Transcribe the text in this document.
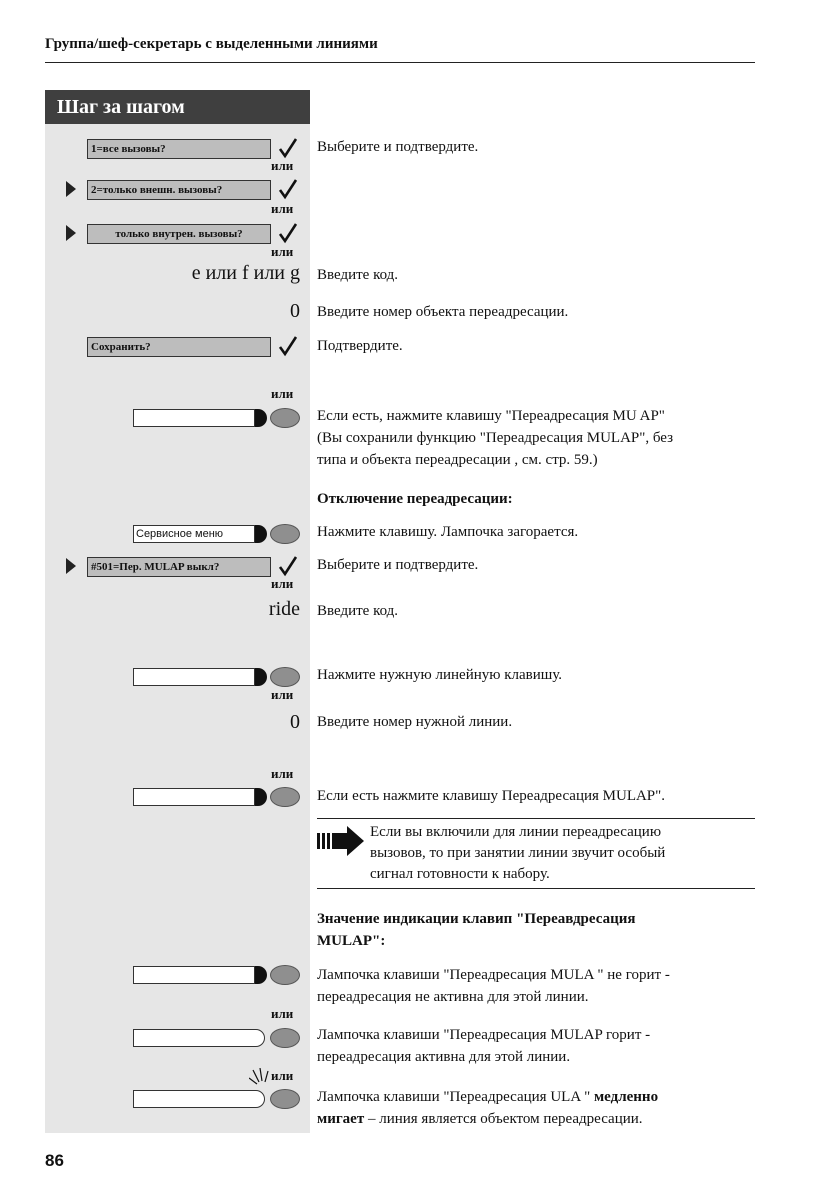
Группа/шеф-секретарь с выделенными линиями
Шаг за шагом
1=все вызовы?
или
2=только внешн. вызовы?
или
только внутрен. вызовы?
или
Выберите и подтвердите.
e или f или g Введите код.
0 Введите номер объекта переадресации.
Сохранить?	Подтвердите.
или
Если есть, нажмите клавишу "Переадресация MU AP"
(Вы сохранили функцию "Переадресация MULAP", без
типа и объекта переадресации , см. стр. 59.)
Отключение переадресации:
Сервисное меню	Нажмите клавишу. Лампочка загорается.
#501=Пер. MULAP выкл?
или
Выберите и подтвердите.
ride Введите код.
или
Нажмите нужную линейную клавишу.
0 Введите номер нужной линии.
или
Если есть нажмите клавишу Переадресация MULAP".
Если вы включили для линии переадресацию
вызовов, то при занятии линии звучит особый
сигнал готовности к набору.
Значение индикации клавип "Переавдресация
MULAP":
Лампочка клавиши "Переадресация MULA " не горит -
переадресация не активна для этой линии.
или
Лампочка клавиши "Переадресация MULAP горит -
переадресация активна для этой линии.
или
Лампочка клавиши "Переадресация ULA " медленно
мигает – линия является объектом переадресации.
86
